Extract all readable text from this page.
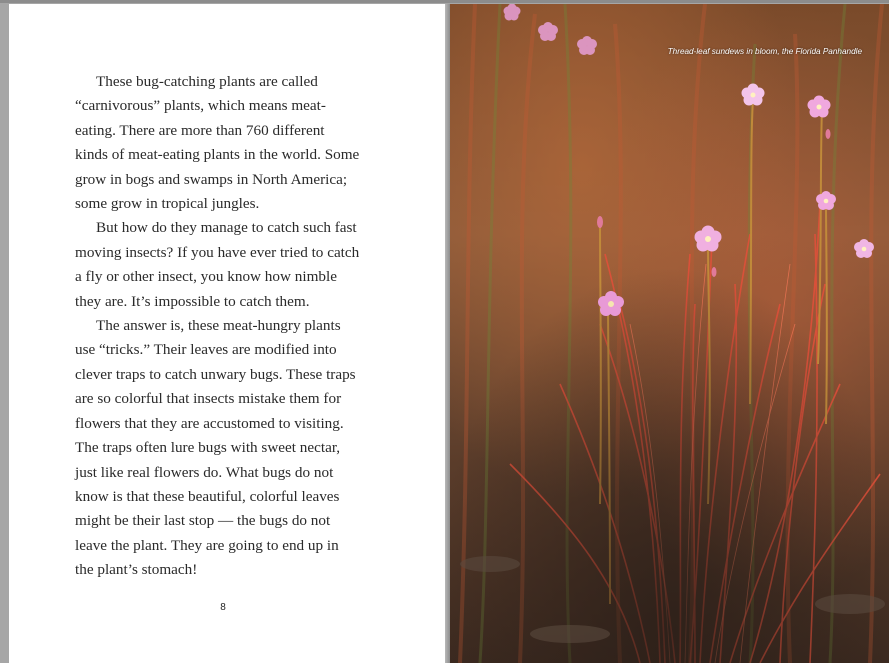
These bug-catching plants are called
“carnivorous” plants, which means meat-
eating. There are more than 760 different
kinds of meat-eating plants in the world. Some
grow in bogs and swamps in North America;
some grow in tropical jungles.
But how do they manage to catch such fast
moving insects? If you have ever tried to catch
a fly or other insect, you know how nimble
they are. It’s impossible to catch them.
The answer is, these meat-hungry plants
use “tricks.” Their leaves are modified into
clever traps to catch unwary bugs. These traps
are so colorful that insects mistake them for
flowers that they are accustomed to visiting.
The traps often lure bugs with sweet nectar,
just like real flowers do. What bugs do not
know is that these beautiful, colorful leaves
might be their last stop — the bugs do not
leave the plant. They are going to end up in
the plant’s stomach!
8
Thread-leaf sundews in bloom, the Florida Panhandle
